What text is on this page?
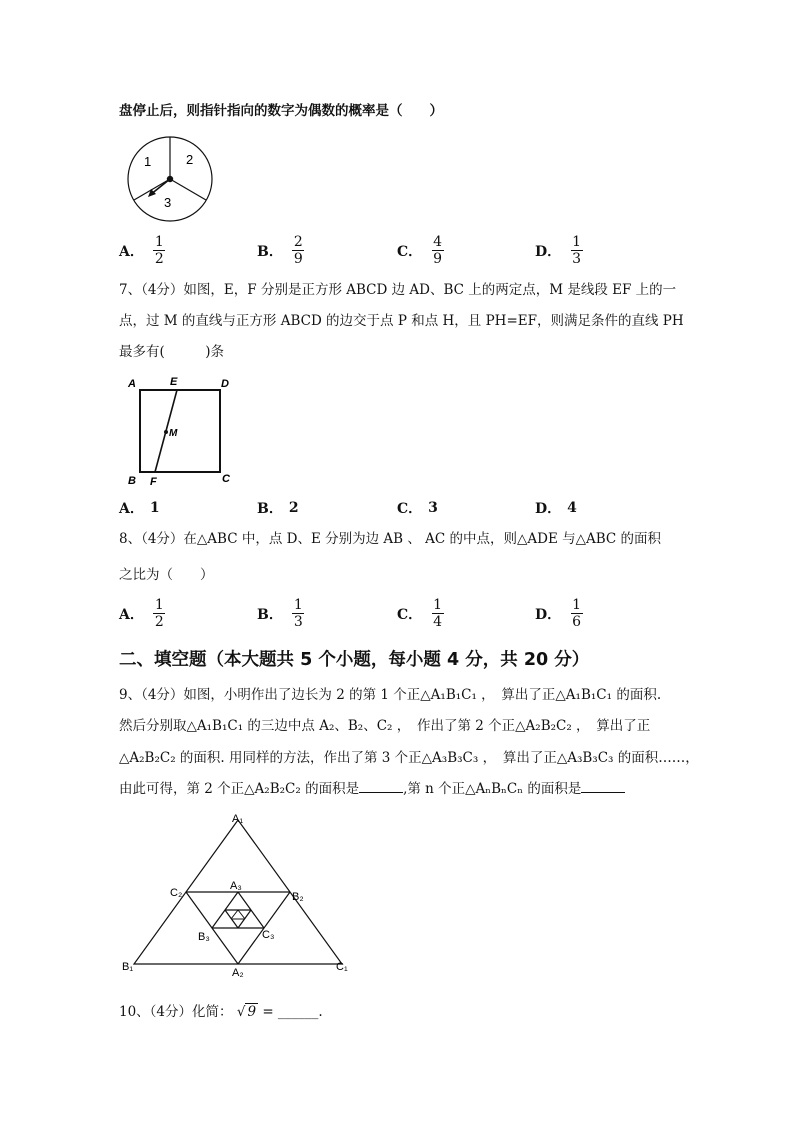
盘停止后，则指针指向的数字为偶数的概率是（　　）
1	2
3
A． $\frac{1}{2}$	B． $\frac{2}{9}$	C． $\frac{4}{9}$	D． $\frac{1}{3}$
7、（4分）如图，E，F 分别是正方形 ABCD 边 AD、BC 上的两定点，M 是线段 EF 上的一
点，过 M 的直线与正方形 ABCD 的边交于点 P 和点 H，且 PH=EF，则满足条件的直线 PH
最多有(　　　)条
A	E	D
M
B F	C
A． 1	B． 2	C． 3	D． 4
8、（4分）在△ABC 中，点 D、E 分别为边 AB 、 AC 的中点，则△ADE 与△ABC 的面积
之比为（　　）
A． $\frac{1}{2}$	B． $\frac{1}{3}$	C． $\frac{1}{4}$	D． $\frac{1}{6}$
二、填空题（本大题共 5 个小题，每小题 4 分，共 20 分）
9、（4分）如图，小明作出了边长为 2 的第 1 个正△A₁B₁C₁ ，　算出了正△A₁B₁C₁ 的面积.
然后分别取△A₁B₁C₁ 的三边中点 A₂、B₂、C₂ ，　作出了第 2 个正△A₂B₂C₂ ，　算出了正
△A₂B₂C₂ 的面积. 用同样的方法，作出了第 3 个正△A₃B₃C₃ ，　算出了正△A₃B₃C₃ 的面积……，
由此可得，第 2 个正△A₂B₂C₂ 的面积是	,第 n 个正△AₙBₙCₙ 的面积是
A₁
B₁	C₁
A₃
C₂	B₂
B₃	C₃
A₂
10、（4分）化简： √ 9 = ______.
